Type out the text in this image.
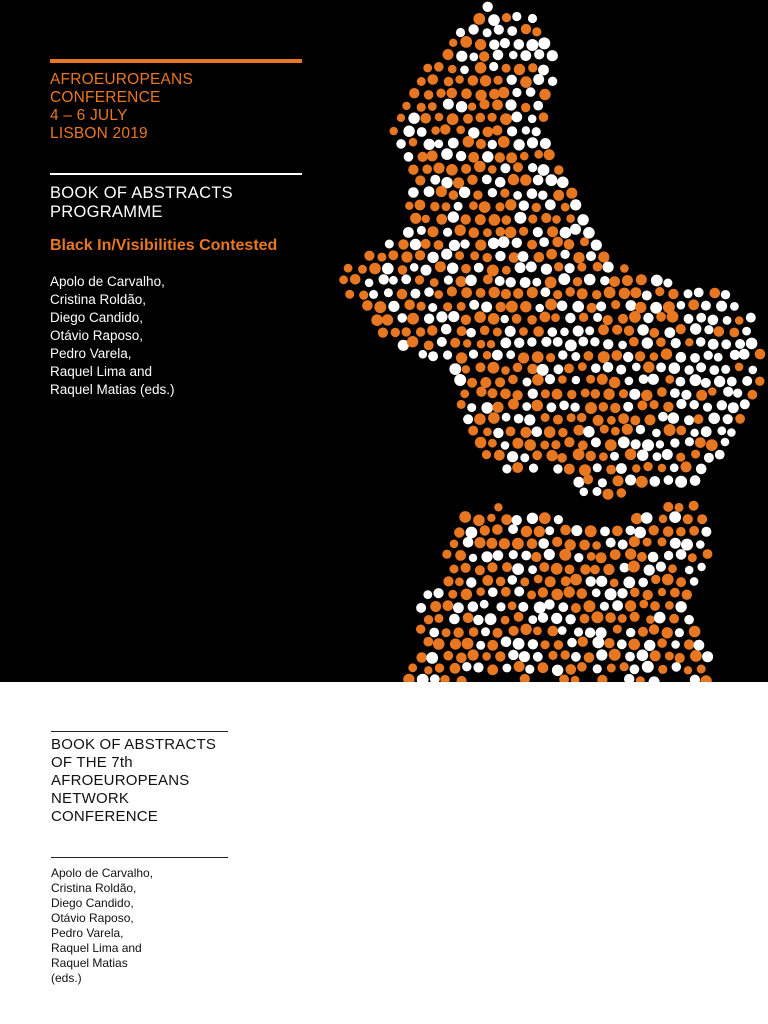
AFROEUROPEANS
CONFERENCE
4 – 6 JULY
LISBON 2019
BOOK OF ABSTRACTS
PROGRAMME
Black In/Visibilities Contested
Apolo de Carvalho,
Cristina Roldão,
Diego Candido,
Otávio Raposo,
Pedro Varela,
Raquel Lima and
Raquel Matias (eds.)
BOOK OF ABSTRACTS
OF THE 7th
AFROEUROPEANS
NETWORK
CONFERENCE
Apolo de Carvalho,
Cristina Roldão,
Diego Candido,
Otávio Raposo,
Pedro Varela,
Raquel Lima and
Raquel Matias
(eds.)
